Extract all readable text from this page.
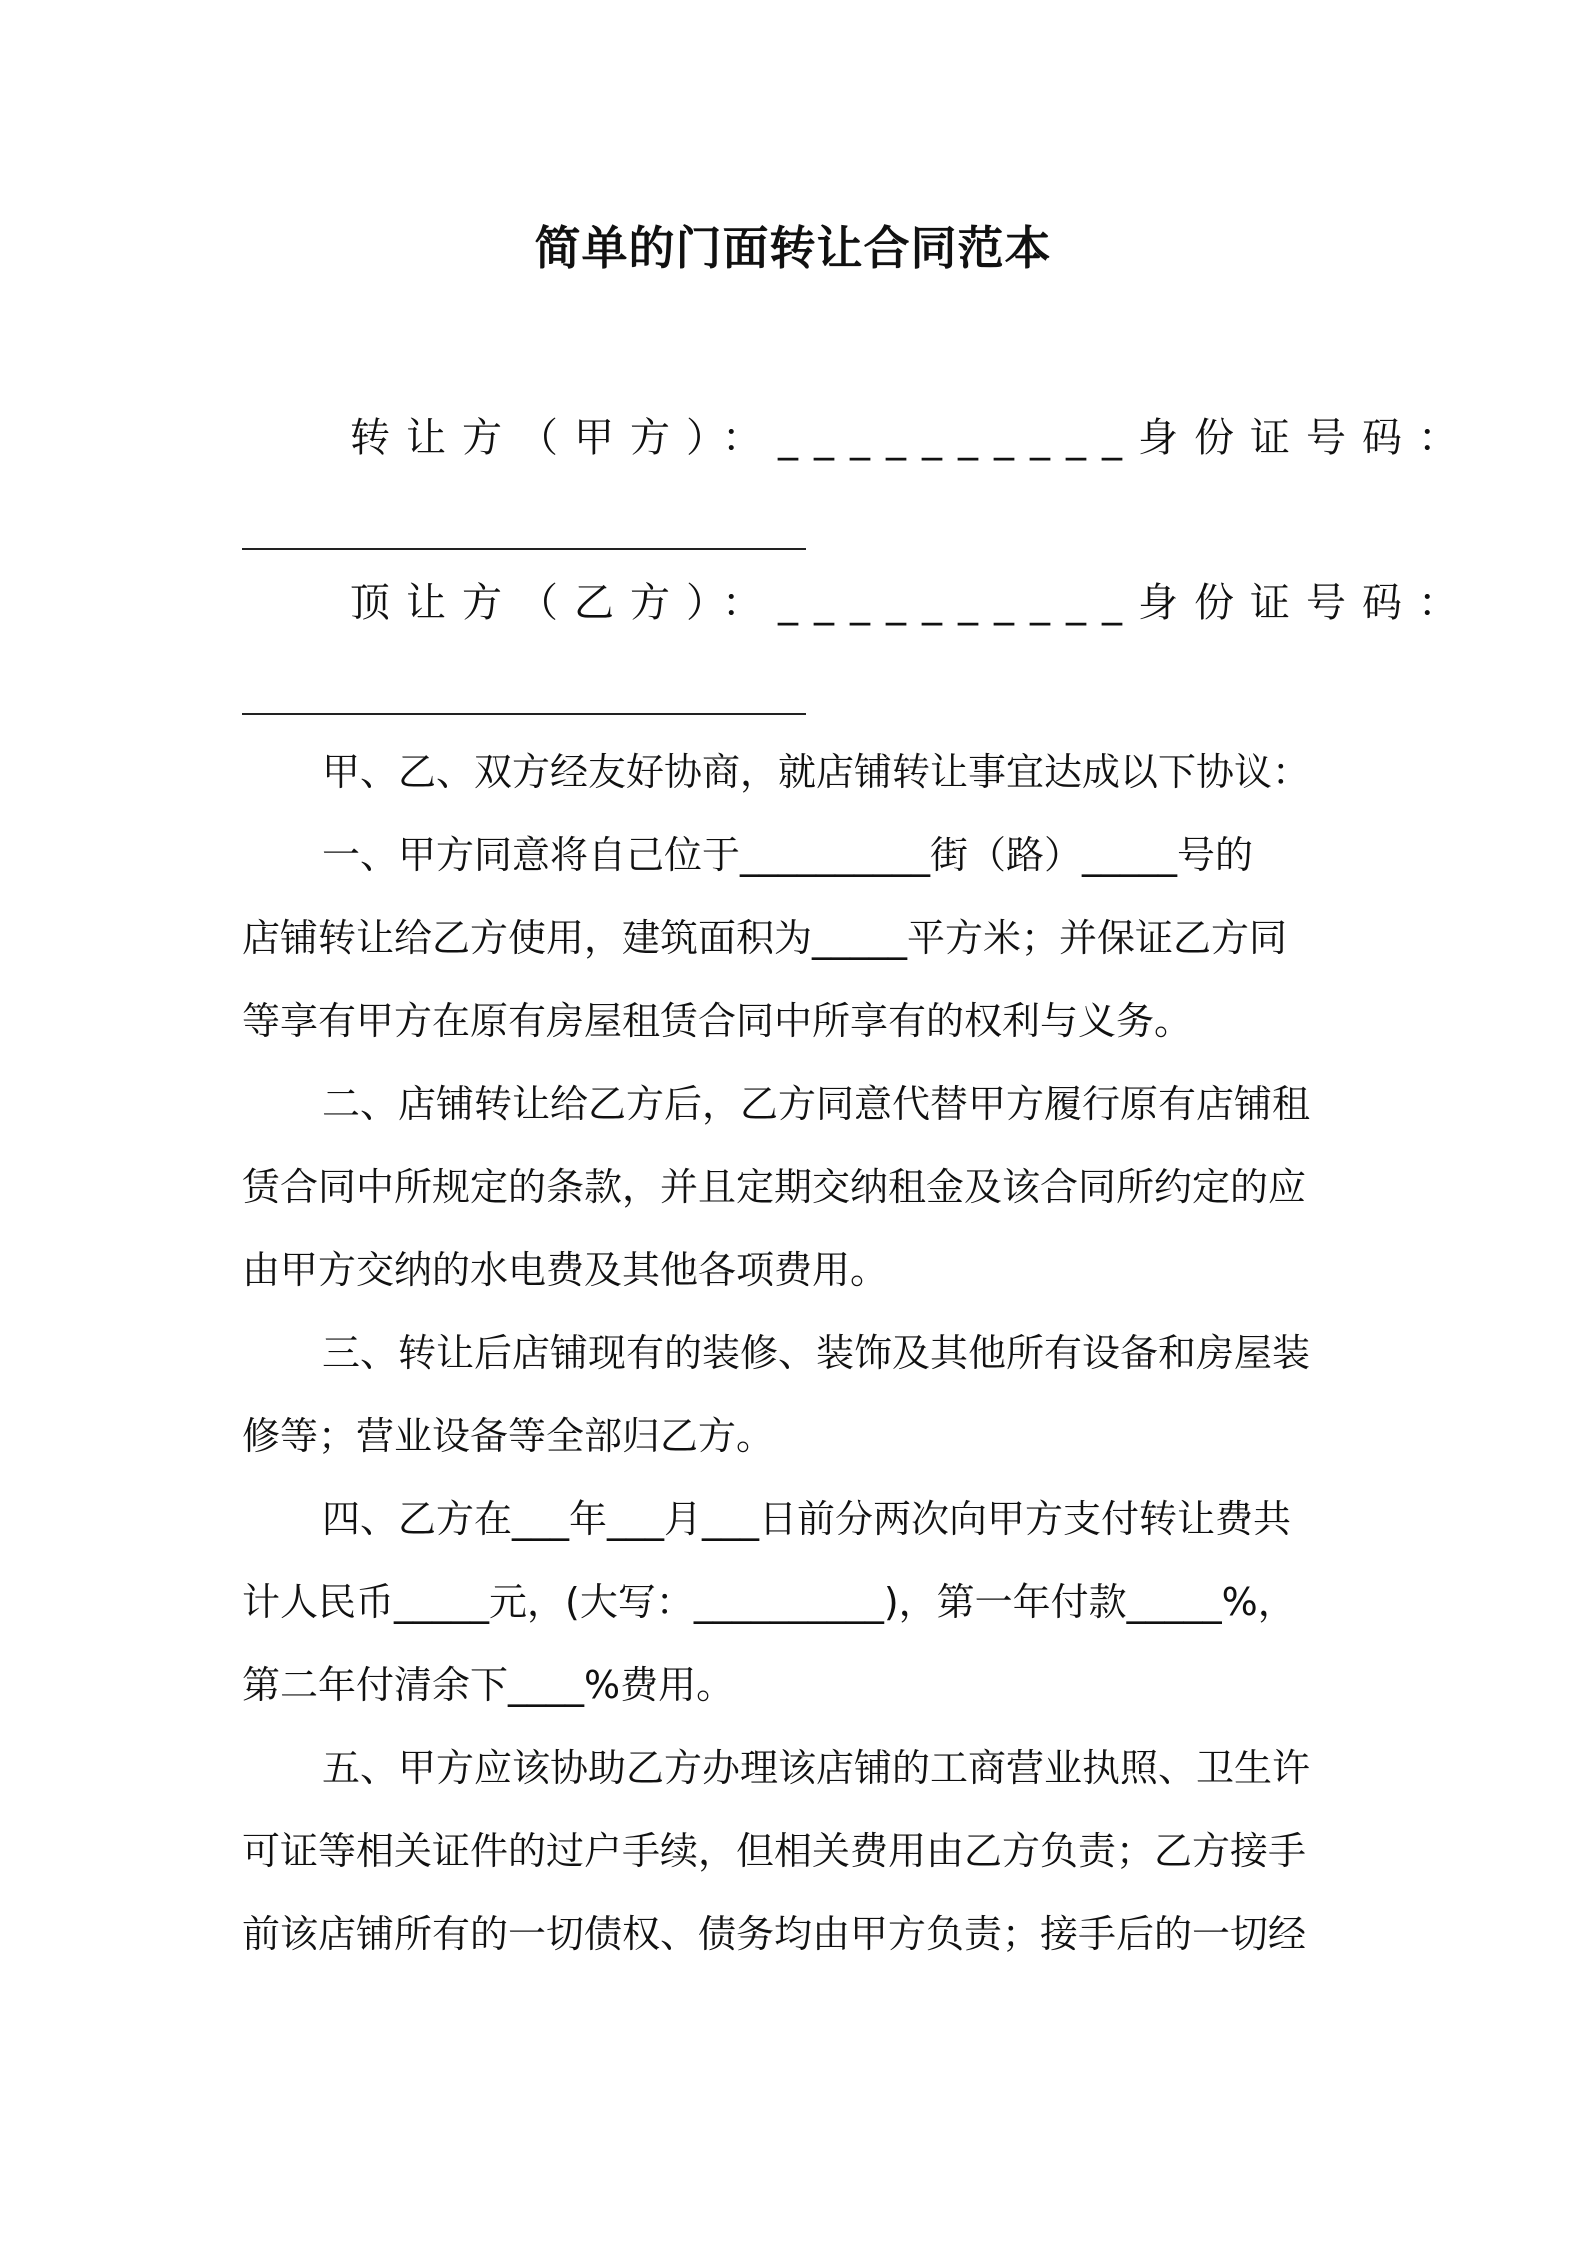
简单的门面转让合同范本
转让方（甲方）：__________ 身份证号码：
顶让方（乙方）：__________ 身份证号码：
甲、乙、双方经友好协商，就店铺转让事宜达成以下协议：
一、甲方同意将自己位于__________街（路）_____号的
店铺转让给乙方使用，建筑面积为_____平方米；并保证乙方同
等享有甲方在原有房屋租赁合同中所享有的权利与义务。
二、店铺转让给乙方后，乙方同意代替甲方履行原有店铺租
赁合同中所规定的条款，并且定期交纳租金及该合同所约定的应
由甲方交纳的水电费及其他各项费用。
三、转让后店铺现有的装修、装饰及其他所有设备和房屋装
修等；营业设备等全部归乙方。
四、乙方在___年___月___日前分两次向甲方支付转让费共
计人民币_____元，(大写：__________)，第一年付款_____%，
第二年付清余下____%费用。
五、甲方应该协助乙方办理该店铺的工商营业执照、卫生许
可证等相关证件的过户手续，但相关费用由乙方负责；乙方接手
前该店铺所有的一切债权、债务均由甲方负责；接手后的一切经
